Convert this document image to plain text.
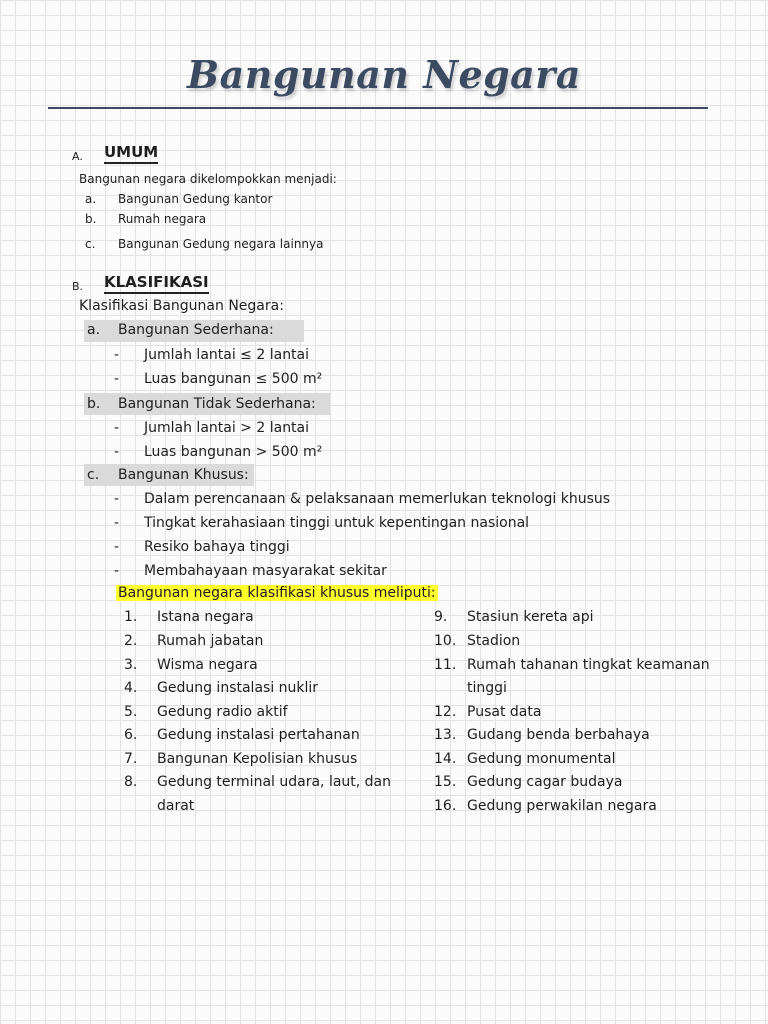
Bangunan Negara
A. UMUM
Bangunan negara dikelompokkan menjadi:
a. Bangunan Gedung kantor
b. Rumah negara
c. Bangunan Gedung negara lainnya
B. KLASIFIKASI
Klasifikasi Bangunan Negara:
a. Bangunan Sederhana:
- Jumlah lantai ≤ 2 lantai
- Luas bangunan ≤ 500 m²
b. Bangunan Tidak Sederhana:
- Jumlah lantai > 2 lantai
- Luas bangunan > 500 m²
c. Bangunan Khusus:
- Dalam perencanaan & pelaksanaan memerlukan teknologi khusus
- Tingkat kerahasiaan tinggi untuk kepentingan nasional
- Resiko bahaya tinggi
- Membahayaan masyarakat sekitar
Bangunan negara klasifikasi khusus meliputi:
1. Istana negara
2. Rumah jabatan
3. Wisma negara
4. Gedung instalasi nuklir
5. Gedung radio aktif
6. Gedung instalasi pertahanan
7. Bangunan Kepolisian khusus
8. Gedung terminal udara, laut, dan
darat
9. Stasiun kereta api
10. Stadion
11. Rumah tahanan tingkat keamanan
tinggi
12. Pusat data
13. Gudang benda berbahaya
14. Gedung monumental
15. Gedung cagar budaya
16. Gedung perwakilan negara
